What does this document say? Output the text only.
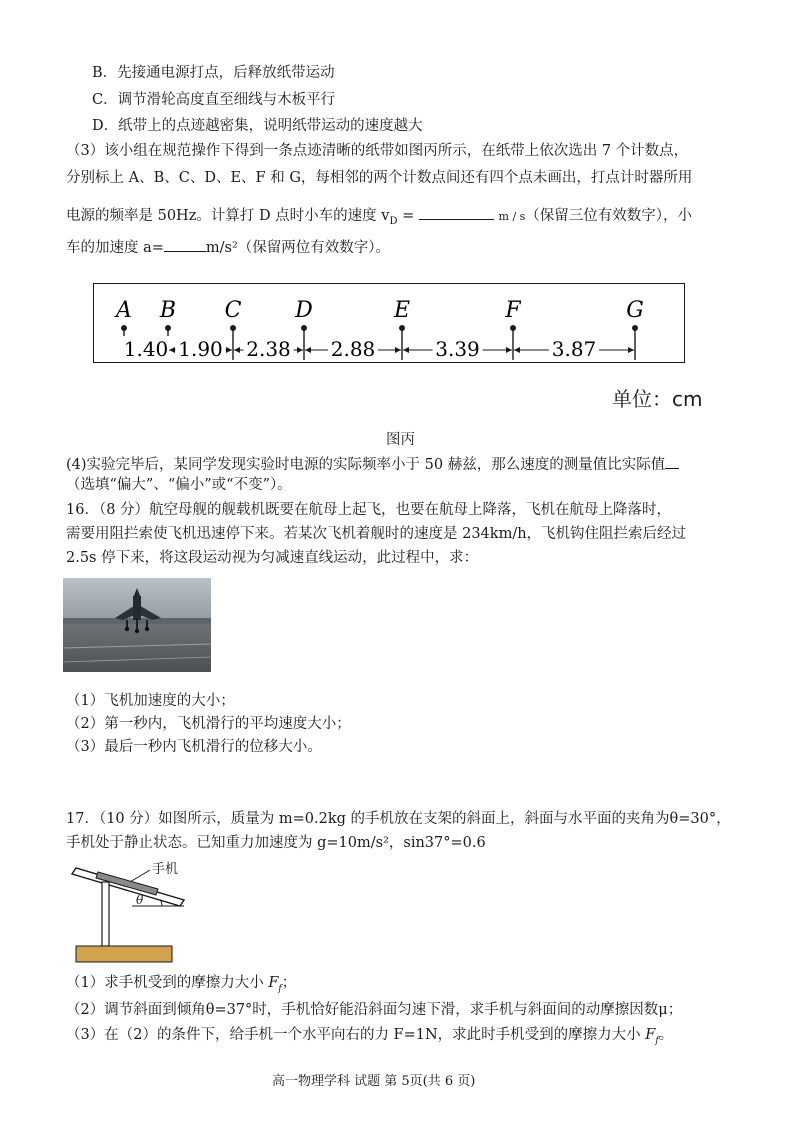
B．先接通电源打点，后释放纸带运动
C．调节滑轮高度直至细线与木板平行
D．纸带上的点迹越密集，说明纸带运动的速度越大
（3）该小组在规范操作下得到一条点迹清晰的纸带如图丙所示，在纸带上依次选出 7 个计数点，
分别标上 A、B、C、D、E、F 和 G，每相邻的两个计数点间还有四个点未画出，打点计时器所用
电源的频率是 50Hz。计算打 D 点时小车的速度 $v_D$ =	m / s（保留三位有效数字），小
车的加速度 a=	m/s²（保留两位有效数字）。
A B C D	E	F	G
1.40 1.90 2.38 2.88	3.39	3.87
单位：cm
图丙
(4)实验完毕后，某同学发现实验时电源的实际频率小于 50 赫兹，那么速度的测量值比实际值
（选填“偏大”、“偏小”或“不变”）。
16．（8 分）航空母舰的舰载机既要在航母上起飞，也要在航母上降落，飞机在航母上降落时，
需要用阻拦索使飞机迅速停下来。若某次飞机着舰时的速度是 234km/h，飞机钩住阻拦索后经过
2.5s 停下来，将这段运动视为匀减速直线运动，此过程中，求：
（1）飞机加速度的大小；
（2）第一秒内，飞机滑行的平均速度大小；
（3）最后一秒内飞机滑行的位移大小。
17．（10 分）如图所示，质量为 m=0.2kg 的手机放在支架的斜面上，斜面与水平面的夹角为θ=30°，
手机处于静止状态。已知重力加速度为 g=10m/s²，sin37°=0.6
手机
θ
（1）求手机受到的摩擦力大小 $F_f$；
（2）调节斜面到倾角θ=37°时，手机恰好能沿斜面匀速下滑，求手机与斜面间的动摩擦因数μ；
（3）在（2）的条件下，给手机一个水平向右的力 F=1N，求此时手机受到的摩擦力大小 $F_f$。
高一物理学科 试题 第 5页(共 6 页)
